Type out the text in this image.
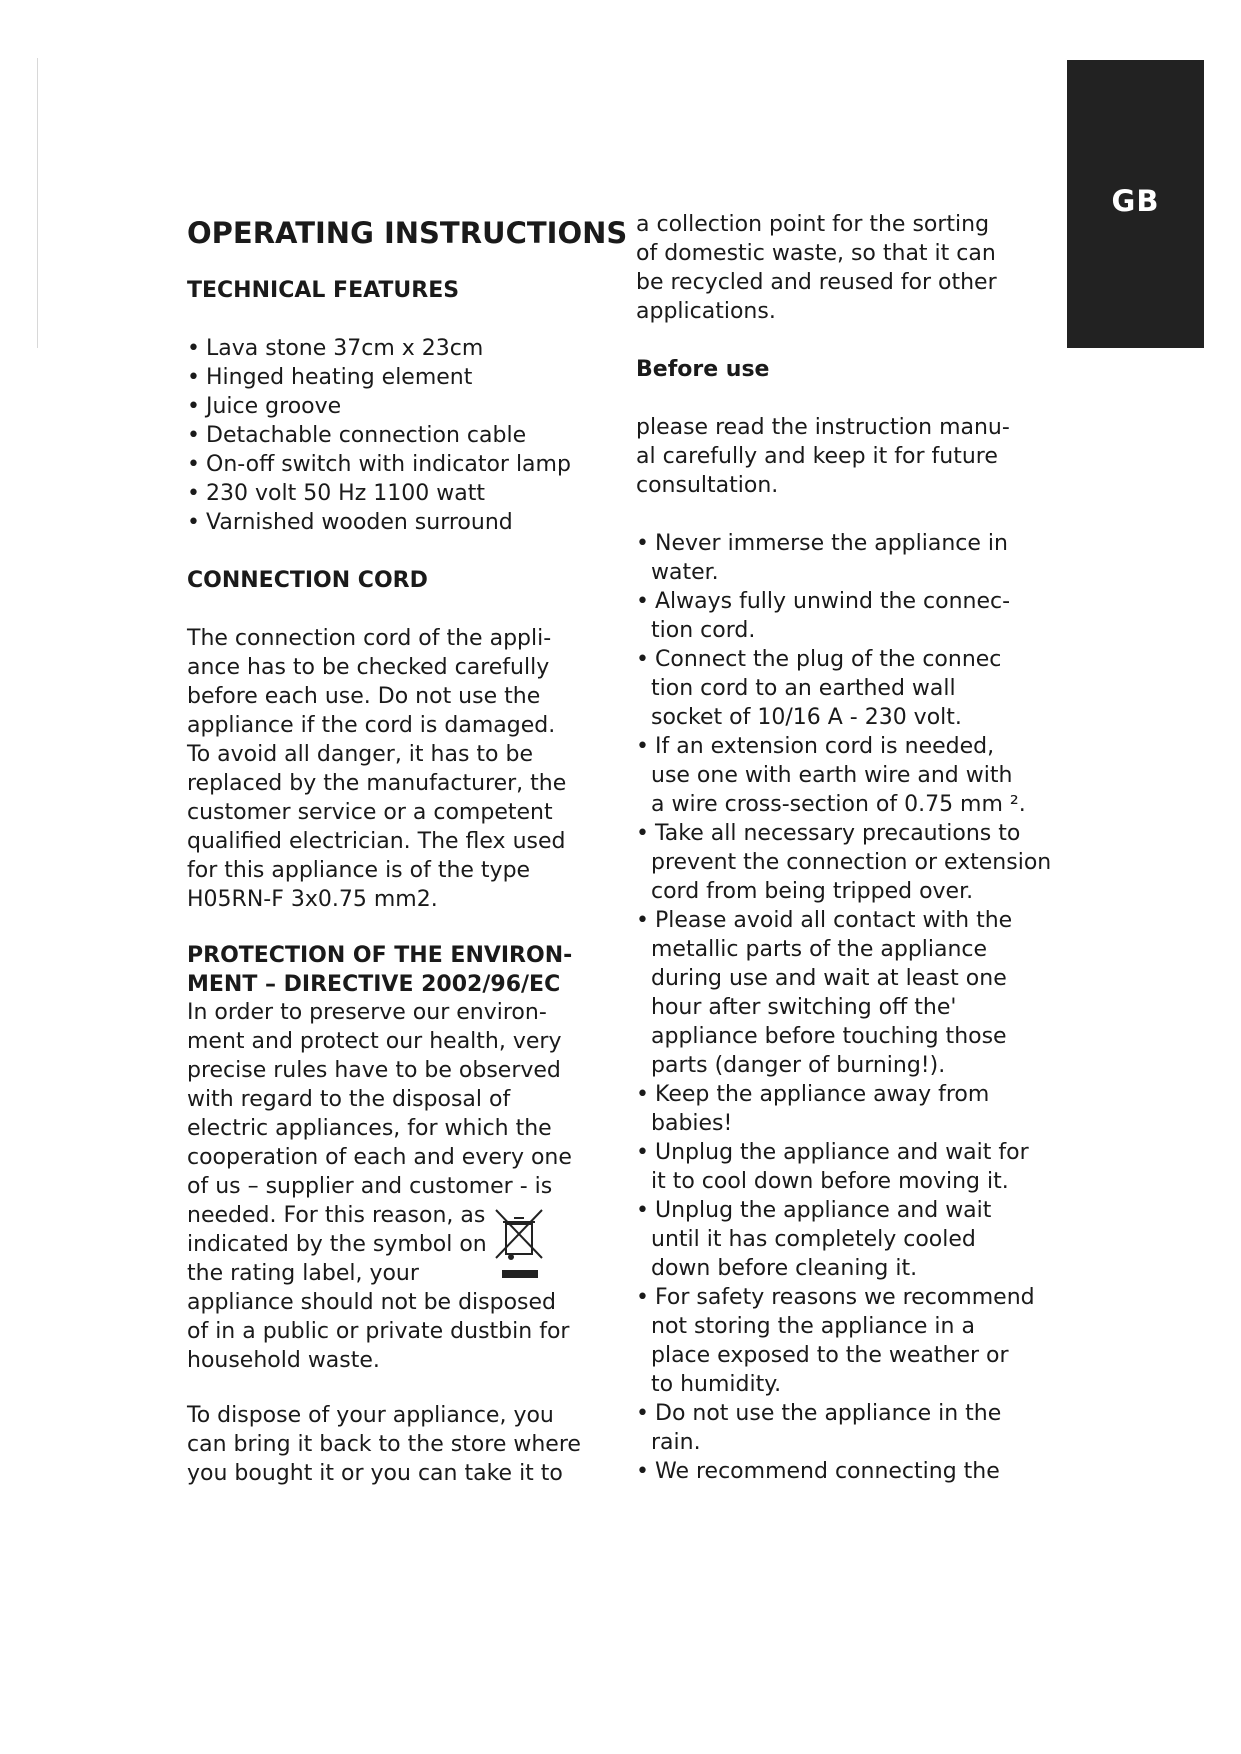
GB
OPERATING INSTRUCTIONS
TECHNICAL FEATURES
• Lava stone 37cm x 23cm
• Hinged heating element
• Juice groove
• Detachable connection cable
• On-off switch with indicator lamp
• 230 volt 50 Hz 1100 watt
• Varnished wooden surround
CONNECTION CORD
The connection cord of the appli-
ance has to be checked carefully
before each use. Do not use the
appliance if the cord is damaged.
To avoid all danger, it has to be
replaced by the manufacturer, the
customer service or a competent
qualified electrician. The flex used
for this appliance is of the type
H05RN-F 3x0.75 mm2.
PROTECTION OF THE ENVIRON-
MENT – DIRECTIVE 2002/96/EC
In order to preserve our environ-
ment and protect our health, very
precise rules have to be observed
with regard to the disposal of
electric appliances, for which the
cooperation of each and every one
of us – supplier and customer - is
needed. For this reason, as
indicated by the symbol on
the rating label, your
appliance should not be disposed
of in a public or private dustbin for
household waste.
To dispose of your appliance, you
can bring it back to the store where
you bought it or you can take it to
a collection point for the sorting
of domestic waste, so that it can
be recycled and reused for other
applications.
Before use
please read the instruction manu-
al carefully and keep it for future
consultation.
• Never immerse the appliance in
water.
• Always fully unwind the connec-
tion cord.
• Connect the plug of the connec
tion cord to an earthed wall
socket of 10/16 A - 230 volt.
• If an extension cord is needed,
use one with earth wire and with
a wire cross-section of 0.75 mm ².
• Take all necessary precautions to
prevent the connection or extension
cord from being tripped over.
• Please avoid all contact with the
metallic parts of the appliance
during use and wait at least one
hour after switching off the'
appliance before touching those
parts (danger of burning!).
• Keep the appliance away from
babies!
• Unplug the appliance and wait for
it to cool down before moving it.
• Unplug the appliance and wait
until it has completely cooled
down before cleaning it.
• For safety reasons we recommend
not storing the appliance in a
place exposed to the weather or
to humidity.
• Do not use the appliance in the
rain.
• We recommend connecting the
